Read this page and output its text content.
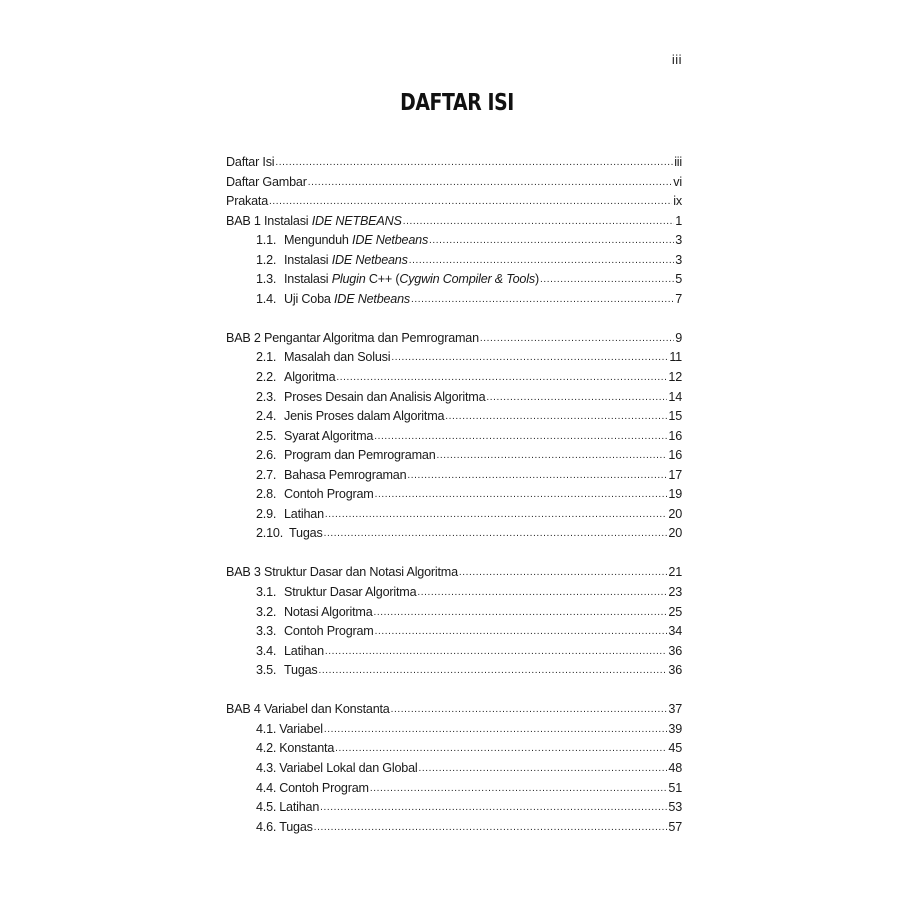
iii
DAFTAR ISI
Daftar Isi .....	iii
Daftar Gambar .....	vi
Prakata .....	ix
BAB 1 Instalasi IDE NETBEANS .....	1
1.1. Mengunduh IDE Netbeans .....	3
1.2. Instalasi IDE Netbeans .....	3
1.3. Instalasi Plugin C++ (Cygwin Compiler & Tools) .....	5
1.4. Uji Coba IDE Netbeans .....	7
BAB 2 Pengantar Algoritma dan Pemrograman .....	9
2.1. Masalah dan Solusi .....	11
2.2. Algoritma .....	12
2.3. Proses Desain dan Analisis Algoritma .....	14
2.4. Jenis Proses dalam Algoritma .....	15
2.5. Syarat Algoritma .....	16
2.6. Program dan Pemrograman .....	16
2.7. Bahasa Pemrograman .....	17
2.8. Contoh Program .....	19
2.9. Latihan .....	20
2.10. Tugas .....	20
BAB 3 Struktur Dasar dan Notasi Algoritma .....	21
3.1. Struktur Dasar Algoritma .....	23
3.2. Notasi Algoritma .....	25
3.3. Contoh Program .....	34
3.4. Latihan .....	36
3.5. Tugas .....	36
BAB 4 Variabel dan Konstanta .....	37
4.1. Variabel .....	39
4.2. Konstanta .....	45
4.3. Variabel Lokal dan Global .....	48
4.4. Contoh Program .....	51
4.5. Latihan .....	53
4.6. Tugas .....	57
